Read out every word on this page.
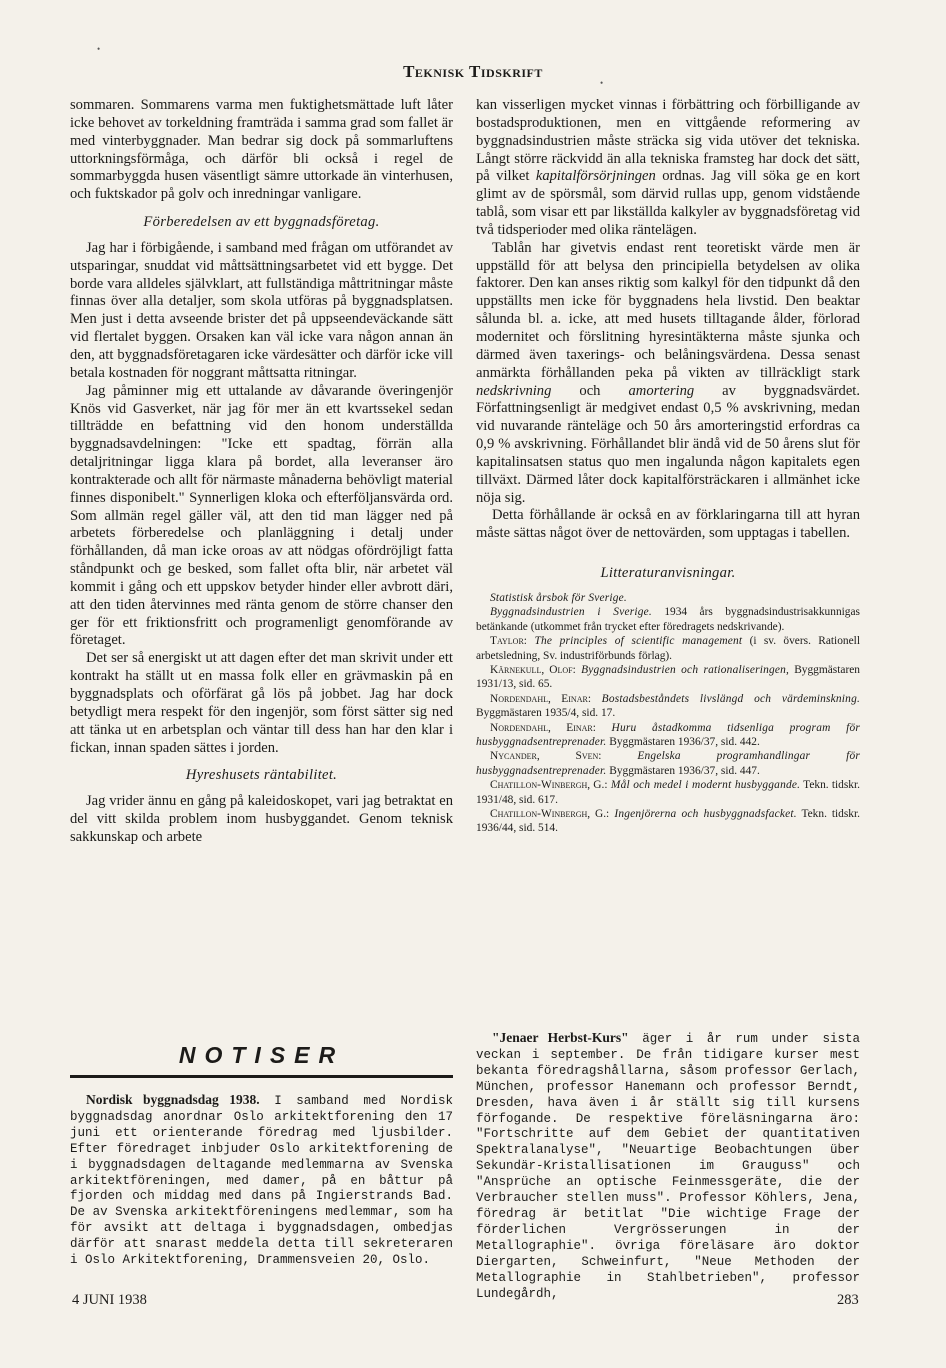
•
•
Teknisk Tidskrift

sommaren. Sommarens varma men fuktighetsmättade luft låter icke behovet av torkeldning framträda i samma grad som fallet är med vinterbyggnader. Man bedrar sig dock på sommarluftens uttorkningsförmåga, och därför bli också i regel de sommarbyggda husen väsentligt sämre uttorkade än vinterhusen, och fuktskador på golv och inredningar vanligare.

Förberedelsen av ett byggnadsföretag.

Jag har i förbigående, i samband med frågan om utförandet av utsparingar, snuddat vid måttsättningsarbetet vid ett bygge. Det borde vara alldeles självklart, att fullständiga måttritningar måste finnas över alla detaljer, som skola utföras på byggnadsplatsen. Men just i detta avseende brister det på uppseendeväckande sätt vid flertalet byggen. Orsaken kan väl icke vara någon annan än den, att byggnadsföretagaren icke värdesätter och därför icke vill betala kostnaden för noggrant måttsatta ritningar.

Jag påminner mig ett uttalande av dåvarande överingenjör Knös vid Gasverket, när jag för mer än ett kvartssekel sedan tillträdde en befattning vid den honom underställda byggnadsavdelningen: "Icke ett spadtag, förrän alla detaljritningar ligga klara på bordet, alla leveranser äro kontrakterade och allt för närmaste månaderna behövligt material finnes disponibelt." Synnerligen kloka och efterföljansvärda ord. Som allmän regel gäller väl, att den tid man lägger ned på arbetets förberedelse och planläggning i detalj under förhållanden, då man icke oroas av att nödgas ofördröjligt fatta ståndpunkt och ge besked, som fallet ofta blir, när arbetet väl kommit i gång och ett uppskov betyder hinder eller avbrott däri, att den tiden återvinnes med ränta genom de större chanser den ger för ett friktionsfritt och programenligt genomförande av företaget.

Det ser så energiskt ut att dagen efter det man skrivit under ett kontrakt ha ställt ut en massa folk eller en grävmaskin på en byggnadsplats och oförfärat gå lös på jobbet. Jag har dock betydligt mera respekt för den ingenjör, som först sätter sig ned att tänka ut en arbetsplan och väntar till dess han har den klar i fickan, innan spaden sättes i jorden.

Hyreshusets räntabilitet.

Jag vrider ännu en gång på kaleidoskopet, vari jag betraktat en del vitt skilda problem inom husbyggandet. Genom teknisk sakkunskap och arbete

kan visserligen mycket vinnas i förbättring och förbilligande av bostadsproduktionen, men en vittgående reformering av byggnadsindustrien måste sträcka sig vida utöver det tekniska. Långt större räckvidd än alla tekniska framsteg har dock det sätt, på vilket kapitalförsörjningen ordnas. Jag vill söka ge en kort glimt av de spörsmål, som därvid rullas upp, genom vidstående tablå, som visar ett par likställda kalkyler av byggnadsföretag vid två tidsperioder med olika räntelägen.

Tablån har givetvis endast rent teoretiskt värde men är uppställd för att belysa den principiella betydelsen av olika faktorer. Den kan anses riktig som kalkyl för den tidpunkt då den uppställts men icke för byggnadens hela livstid. Den beaktar sålunda bl. a. icke, att med husets tilltagande ålder, förlorad modernitet och förslitning hyresintäkterna måste sjunka och därmed även taxerings- och belåningsvärdena. Dessa senast anmärkta förhållanden peka på vikten av tillräckligt stark nedskrivning och amortering av byggnadsvärdet. Författningsenligt är medgivet endast 0,5 % avskrivning, medan vid nuvarande ränteläge och 50 års amorteringstid erfordras ca 0,9 % avskrivning. Förhållandet blir ändå vid de 50 årens slut för kapitalinsatsen status quo men ingalunda någon kapitalets egen tillväxt. Därmed låter dock kapitalförsträckaren i allmänhet icke nöja sig.

Detta förhållande är också en av förklaringarna till att hyran måste sättas något över de nettovärden, som upptagas i tabellen.

Litteraturanvisningar.

Statistisk årsbok för Sverige.

Byggnadsindustrien i Sverige. 1934 års byggnadsindustrisakkunnigas betänkande (utkommet från trycket efter föredragets nedskrivande).

Taylor: The principles of scientific management (i sv. övers. Rationell arbetsledning, Sv. industriförbunds förlag).

Kärnekull, Olof: Byggnadsindustrien och rationaliseringen, Byggmästaren 1931/13, sid. 65.

Nordendahl, Einar: Bostadsbeståndets livslängd och värdeminskning. Byggmästaren 1935/4, sid. 17.

Nordendahl, Einar: Huru åstadkomma tidsenliga program för husbyggnadsentreprenader. Byggmästaren 1936/37, sid. 442.

Nycander, Sven: Engelska programhandlingar för husbyggnadsentreprenader. Byggmästaren 1936/37, sid. 447.

Chatillon-Winbergh, G.: Mål och medel i modernt husbyggande. Tekn. tidskr. 1931/48, sid. 617.

Chatillon-Winbergh, G.: Ingenjörerna och husbyggnadsfacket. Tekn. tidskr. 1936/44, sid. 514.

NOTISER

Nordisk byggnadsdag 1938. I samband med Nordisk byggnadsdag anordnar Oslo arkitektforening den 17 juni ett orienterande föredrag med ljusbilder. Efter föredraget inbjuder Oslo arkitektforening de i byggnadsdagen deltagande medlemmarna av Svenska arkitektföreningen, med damer, på en båttur på fjorden och middag med dans på Ingierstrands Bad. De av Svenska arkitektföreningens medlemmar, som ha för avsikt att deltaga i byggnadsdagen, ombedjas därför att snarast meddela detta till sekreteraren i Oslo Arkitektforening, Drammensveien 20, Oslo.

"Jenaer Herbst-Kurs" äger i år rum under sista veckan i september. De från tidigare kurser mest bekanta föredragshållarna, såsom professor Gerlach, München, professor Hanemann och professor Berndt, Dresden, hava även i år ställt sig till kursens förfogande. De respektive föreläsningarna äro: "Fortschritte auf dem Gebiet der quantitativen Spektralanalyse", "Neuartige Beobachtungen über Sekundär-Kristallisationen im Grauguss" och "Ansprüche an optische Feinmessgeräte, die der Verbraucher stellen muss". Professor Köhlers, Jena, föredrag är betitlat "Die wichtige Frage der förderlichen Vergrösserungen in der Metallographie". övriga föreläsare äro doktor Diergarten, Schweinfurt, "Neue Methoden der Metallographie in Stahlbetrieben", professor Lundegårdh,

4 JUNI 1938	283
